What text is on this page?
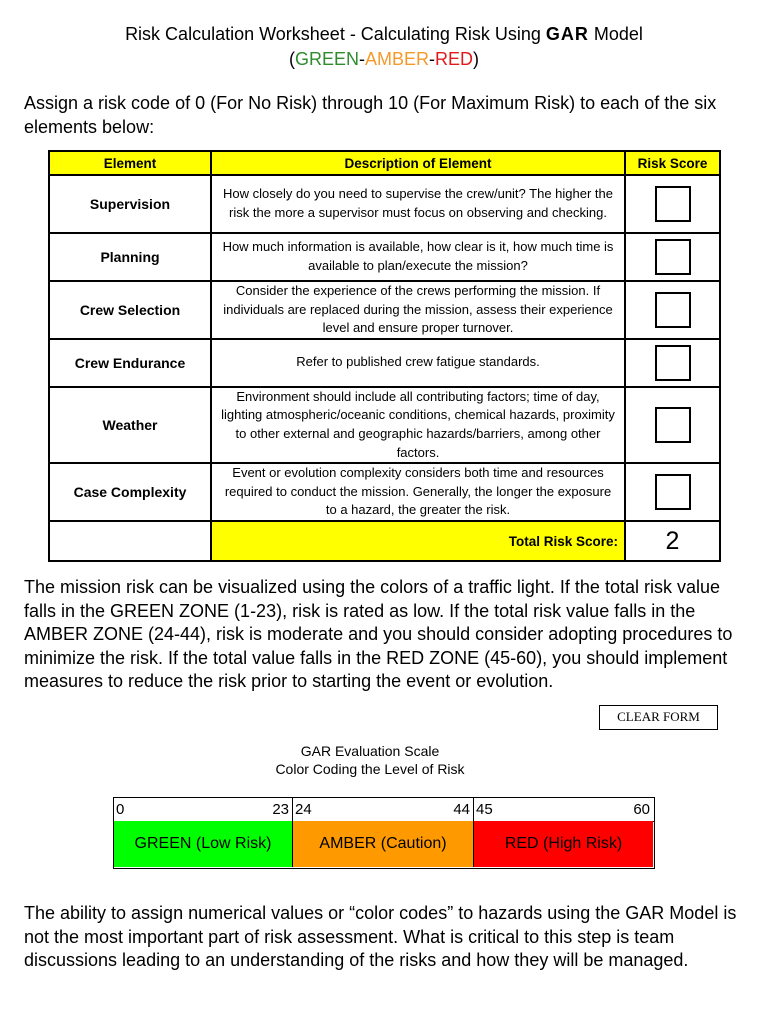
Risk Calculation Worksheet - Calculating Risk Using GAR Model
(GREEN-AMBER-RED)
Assign a risk code of 0 (For No Risk) through 10 (For Maximum Risk) to each of the six elements below:
Element	Description of Element	Risk Score
Supervision	How closely do you need to supervise the crew/unit? The higher the risk the more a supervisor must focus on observing and checking.	
Planning	How much information is available, how clear is it, how much time is available to plan/execute the mission?	
Crew Selection	Consider the experience of the crews performing the mission. If individuals are replaced during the mission, assess their experience level and ensure proper turnover.	
Crew Endurance	Refer to published crew fatigue standards.	
Weather	Environment should include all contributing factors; time of day, lighting atmospheric/oceanic conditions, chemical hazards, proximity to other external and geographic hazards/barriers, among other factors.	
Case Complexity	Event or evolution complexity considers both time and resources required to conduct the mission. Generally, the longer the exposure to a hazard, the greater the risk.	
	Total Risk Score:	2
The mission risk can be visualized using the colors of a traffic light. If the total risk value falls in the GREEN ZONE (1-23), risk is rated as low. If the total risk value falls in the AMBER ZONE (24-44), risk is moderate and you should consider adopting procedures to minimize the risk. If the total value falls in the RED ZONE (45-60), you should implement measures to reduce the risk prior to starting the event or evolution.
CLEAR FORM
GAR Evaluation Scale
Color Coding the Level of Risk
0	23 24	44 45	60
GREEN (Low Risk)	AMBER (Caution)	RED (High Risk)
The ability to assign numerical values or “color codes” to hazards using the GAR Model is not the most important part of risk assessment. What is critical to this step is team discussions leading to an understanding of the risks and how they will be managed.
